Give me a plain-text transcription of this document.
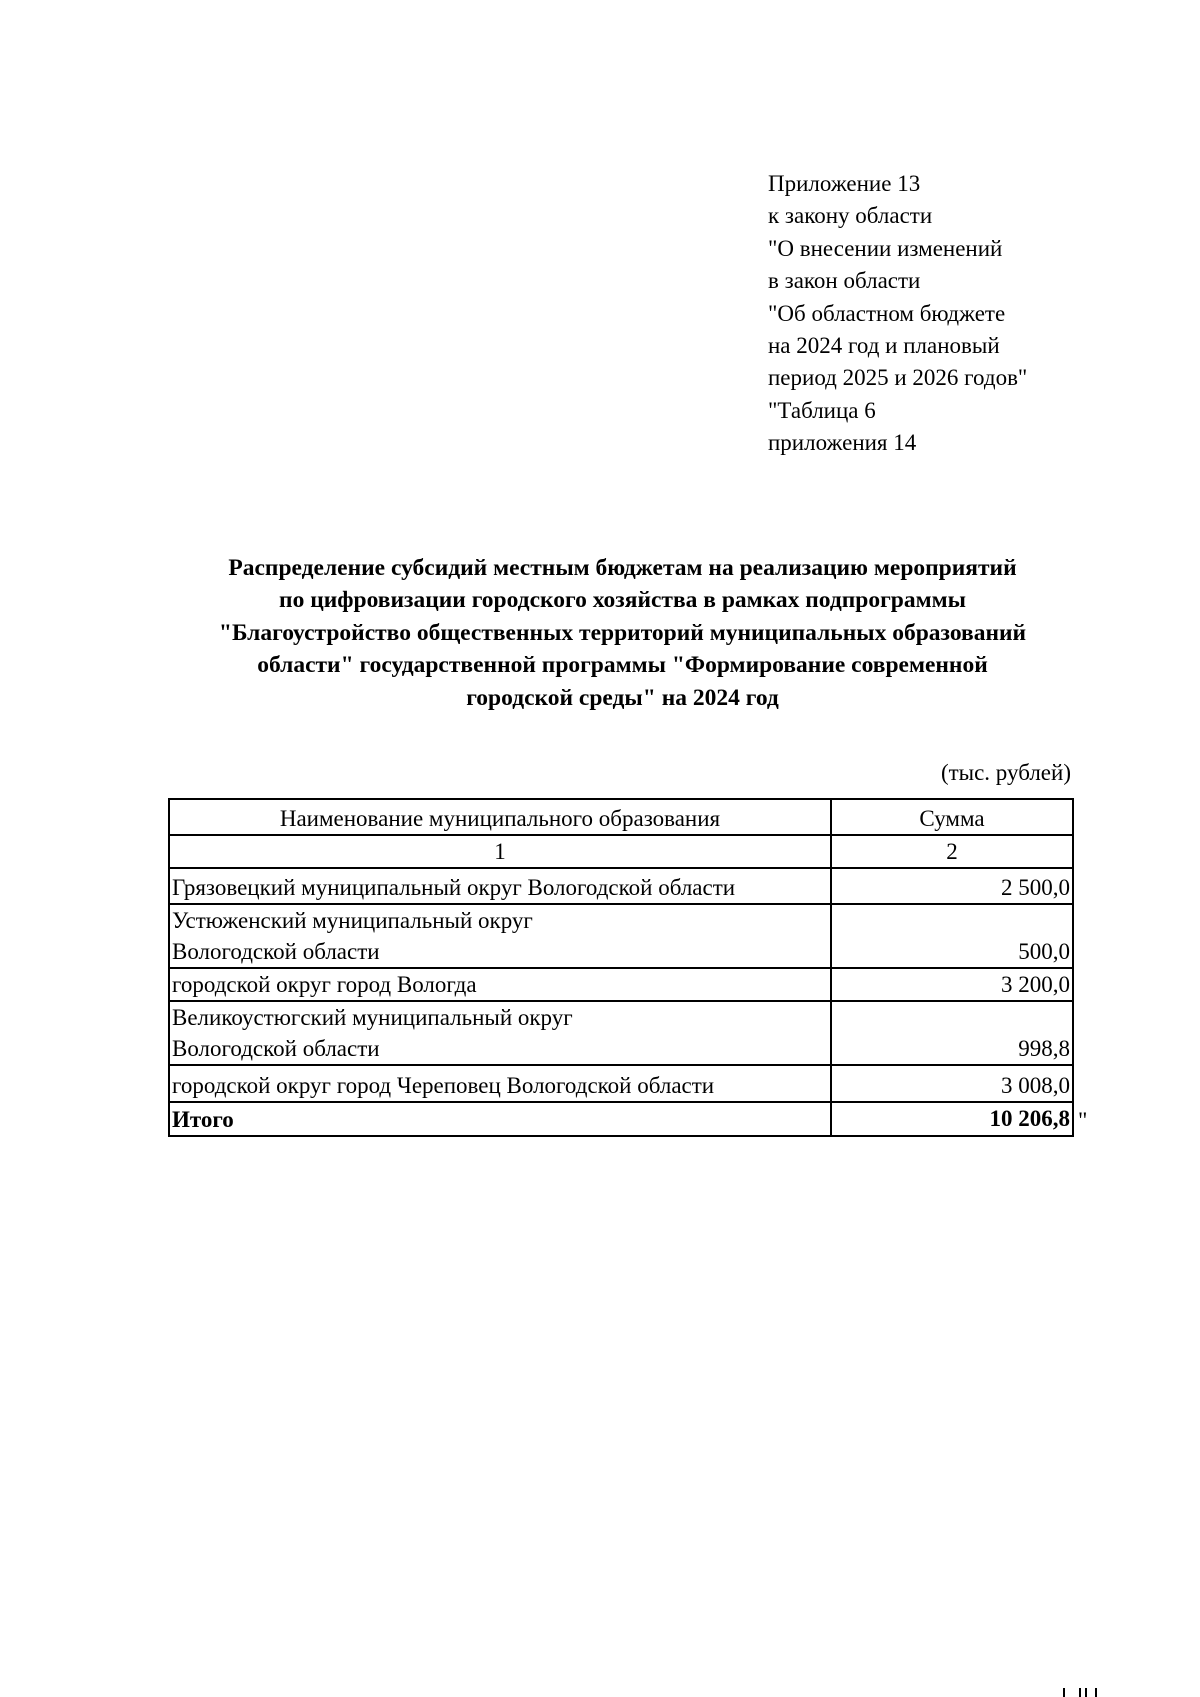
Приложение 13
к закону области
"О внесении изменений
в закон области
"Об областном бюджете
на 2024 год и плановый
период 2025 и 2026 годов"
"Таблица 6
приложения 14
Распределение субсидий местным бюджетам на реализацию мероприятий
по цифровизации городского хозяйства в рамках подпрограммы
"Благоустройство общественных территорий муниципальных образований
области" государственной программы "Формирование современной
городской среды" на 2024 год
(тыс. рублей)
Наименование муниципального образования	Сумма
1	2

Грязовецкий муниципальный округ Вологодской области	2 500,0

Устюженский муниципальный округ
Вологодской области	500,0

городской округ город Вологда	3 200,0

Великоустюгский муниципальный округ
Вологодской области	998,8

городской округ город Череповец Вологодской области	3 008,0
Итого	10 206,8 "
